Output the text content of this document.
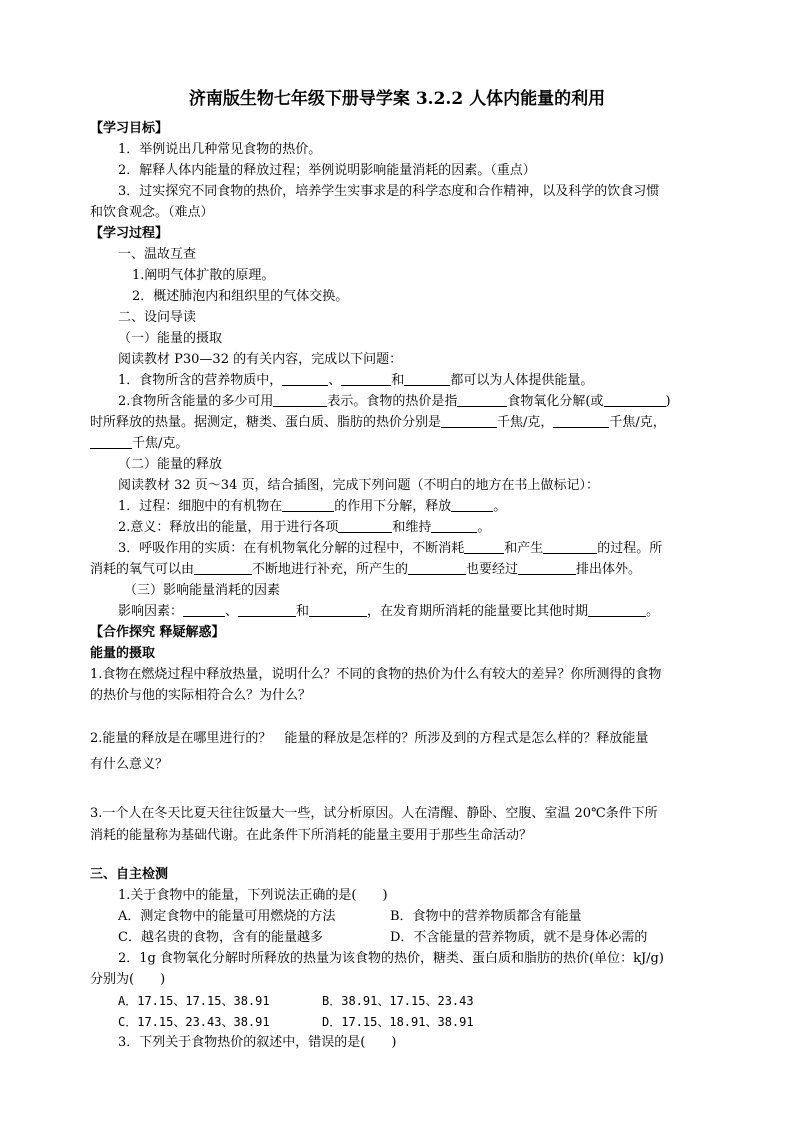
济南版生物七年级下册导学案 3.2.2 人体内能量的利用
【学习目标】
1．举例说出几种常见食物的热价。
2．解释人体内能量的释放过程；举例说明影响能量消耗的因素。（重点）
3．过实探究不同食物的热价，培养学生实事求是的科学态度和合作精神，以及科学的饮食习惯
和饮食观念。（难点）
【学习过程】
一、温故互查
1.阐明气体扩散的原理。
2．概述肺泡内和组织里的气体交换。
二、设问导读
（一）能量的摄取
阅读教材 P30—32 的有关内容，完成以下问题：
1．食物所含的营养物质中，	、	和	都可以为人体提供能量。
2.食物所含能量的多少可用	表示。食物的热价是指	食物氧化分解(或	)
时所释放的热量。据测定，糖类、蛋白质、脂肪的热价分别是	千焦/克，	千焦/克，
千焦/克。
（二）能量的释放
阅读教材 32 页～34 页，结合插图，完成下列问题（不明白的地方在书上做标记）：
1．过程：细胞中的有机物在	的作用下分解，释放	。
2.意义：释放出的能量，用于进行各项	和维持	。
3．呼吸作用的实质：在有机物氧化分解的过程中，不断消耗	和产生	的过程。所
消耗的氧气可以由	不断地进行补充，所产生的	也要经过	排出体外。
（三）影响能量消耗的因素
影响因素：	、	和	，在发育期所消耗的能量要比其他时期	。
【合作探究 释疑解惑】
能量的摄取
1.食物在燃烧过程中释放热量，说明什么？不同的食物的热价为什么有较大的差异？你所测得的食物
的热价与他的实际相符合么？为什么？
2.能量的释放是在哪里进行的？　能量的释放是怎样的？所涉及到的方程式是怎么样的？释放能量
有什么意义？
3.一个人在冬天比夏天往往饭量大一些，试分析原因。人在清醒、静卧、空腹、室温 20℃条件下所
消耗的能量称为基础代谢。在此条件下所消耗的能量主要用于那些生命活动？
三、自主检测
1.关于食物中的能量，下列说法正确的是(　　)
A．测定食物中的能量可用燃烧的方法	B．食物中的营养物质都含有能量
C．越名贵的食物，含有的能量越多	D．不含能量的营养物质，就不是身体必需的
2．1g 食物氧化分解时所释放的热量为该食物的热价，糖类、蛋白质和脂肪的热价(单位：kJ/g)
分别为(　　)
A．17.15、17.15、38.91	B．38.91、17.15、23.43
C．17.15、23.43、38.91	D．17.15、18.91、38.91
3．下列关于食物热价的叙述中，错误的是(　　)
